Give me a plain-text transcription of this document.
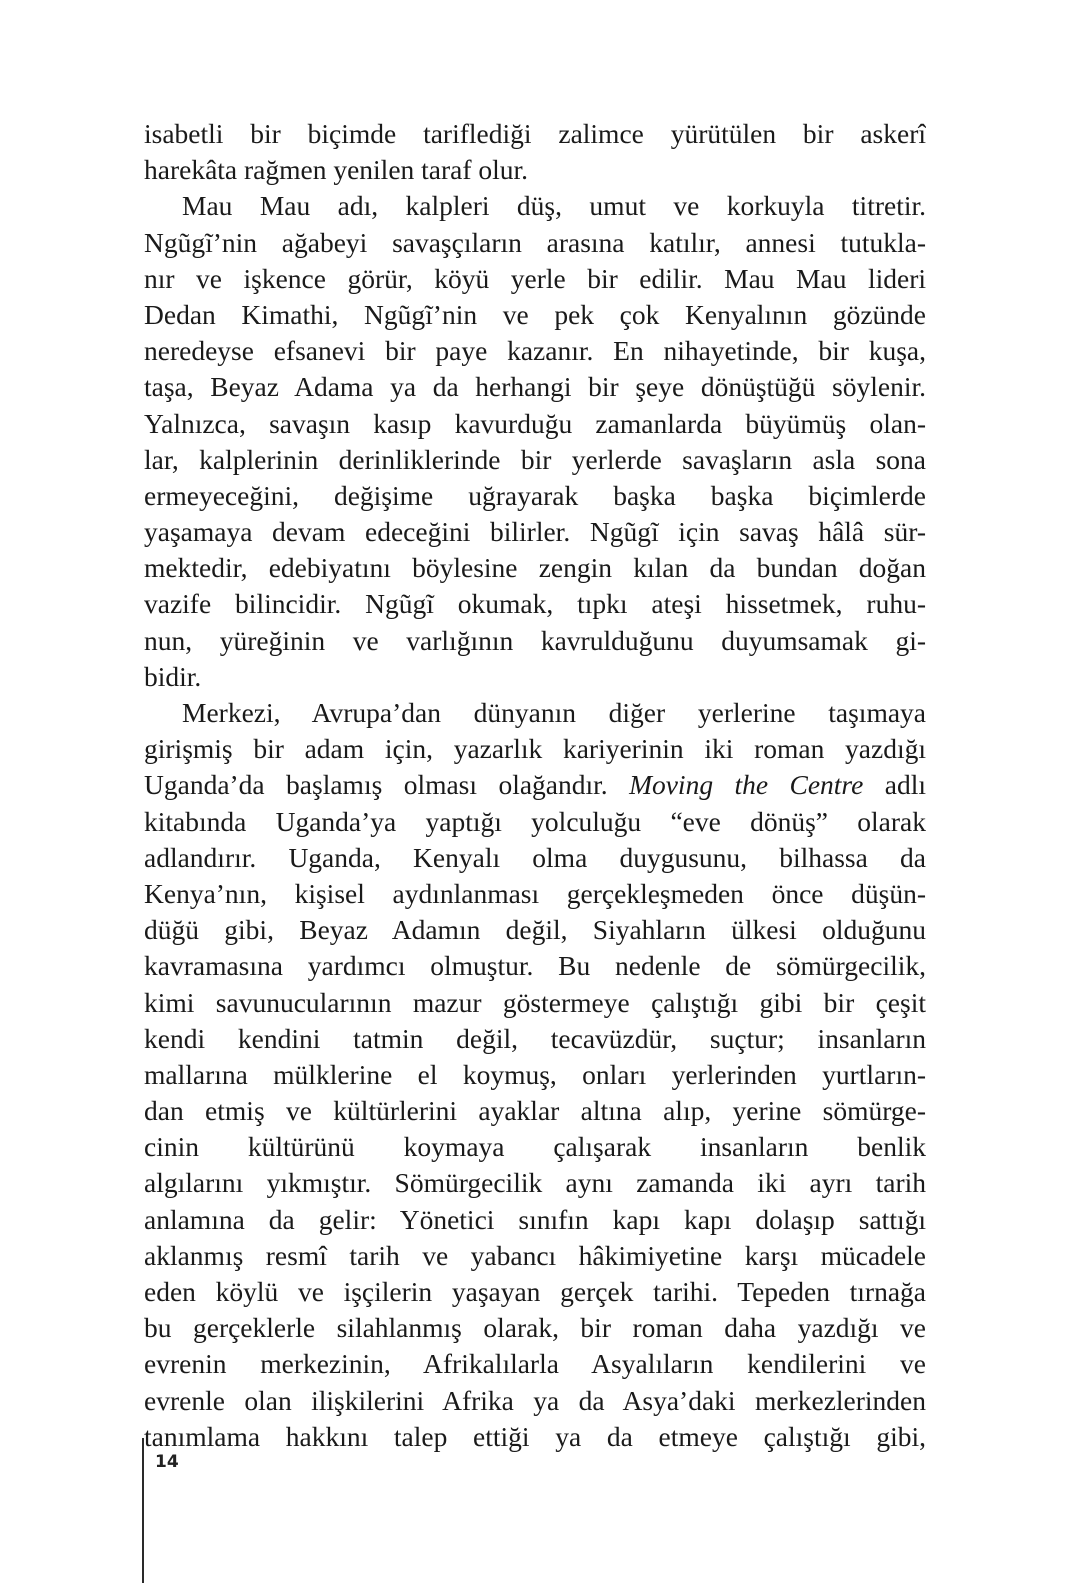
isabetli bir biçimde tariflediği zalimce yürütülen bir askerî
harekâta rağmen yenilen taraf olur.
Mau Mau adı, kalpleri düş, umut ve korkuyla titretir.
Ngũgĩ’nin ağabeyi savaşçıların arasına katılır, annesi tutukla-
nır ve işkence görür, köyü yerle bir edilir. Mau Mau lideri
Dedan Kimathi, Ngũgĩ’nin ve pek çok Kenyalının gözünde
neredeyse efsanevi bir paye kazanır. En nihayetinde, bir kuşa,
taşa, Beyaz Adama ya da herhangi bir şeye dönüştüğü söylenir.
Yalnızca, savaşın kasıp kavurduğu zamanlarda büyümüş olan-
lar, kalplerinin derinliklerinde bir yerlerde savaşların asla sona
ermeyeceğini, değişime uğrayarak başka başka biçimlerde
yaşamaya devam edeceğini bilirler. Ngũgĩ için savaş hâlâ sür-
mektedir, edebiyatını böylesine zengin kılan da bundan doğan
vazife bilincidir. Ngũgĩ okumak, tıpkı ateşi hissetmek, ruhu-
nun, yüreğinin ve varlığının kavrulduğunu duyumsamak gi-
bidir.
Merkezi, Avrupa’dan dünyanın diğer yerlerine taşımaya
girişmiş bir adam için, yazarlık kariyerinin iki roman yazdığı
Uganda’da başlamış olması olağandır. Moving the Centre adlı
kitabında Uganda’ya yaptığı yolculuğu “eve dönüş” olarak
adlandırır. Uganda, Kenyalı olma duygusunu, bilhassa da
Kenya’nın, kişisel aydınlanması gerçekleşmeden önce düşün-
düğü gibi, Beyaz Adamın değil, Siyahların ülkesi olduğunu
kavramasına yardımcı olmuştur. Bu nedenle de sömürgecilik,
kimi savunucularının mazur göstermeye çalıştığı gibi bir çeşit
kendi kendini tatmin değil, tecavüzdür, suçtur; insanların
mallarına mülklerine el koymuş, onları yerlerinden yurtların-
dan etmiş ve kültürlerini ayaklar altına alıp, yerine sömürge-
cinin kültürünü koymaya çalışarak insanların benlik
algılarını yıkmıştır. Sömürgecilik aynı zamanda iki ayrı tarih
anlamına da gelir: Yönetici sınıfın kapı kapı dolaşıp sattığı
aklanmış resmî tarih ve yabancı hâkimiyetine karşı mücadele
eden köylü ve işçilerin yaşayan gerçek tarihi. Tepeden tırnağa
bu gerçeklerle silahlanmış olarak, bir roman daha yazdığı ve
evrenin merkezinin, Afrikalılarla Asyalıların kendilerini ve
evrenle olan ilişkilerini Afrika ya da Asya’daki merkezlerinden
tanımlama hakkını talep ettiği ya da etmeye çalıştığı gibi,
14
